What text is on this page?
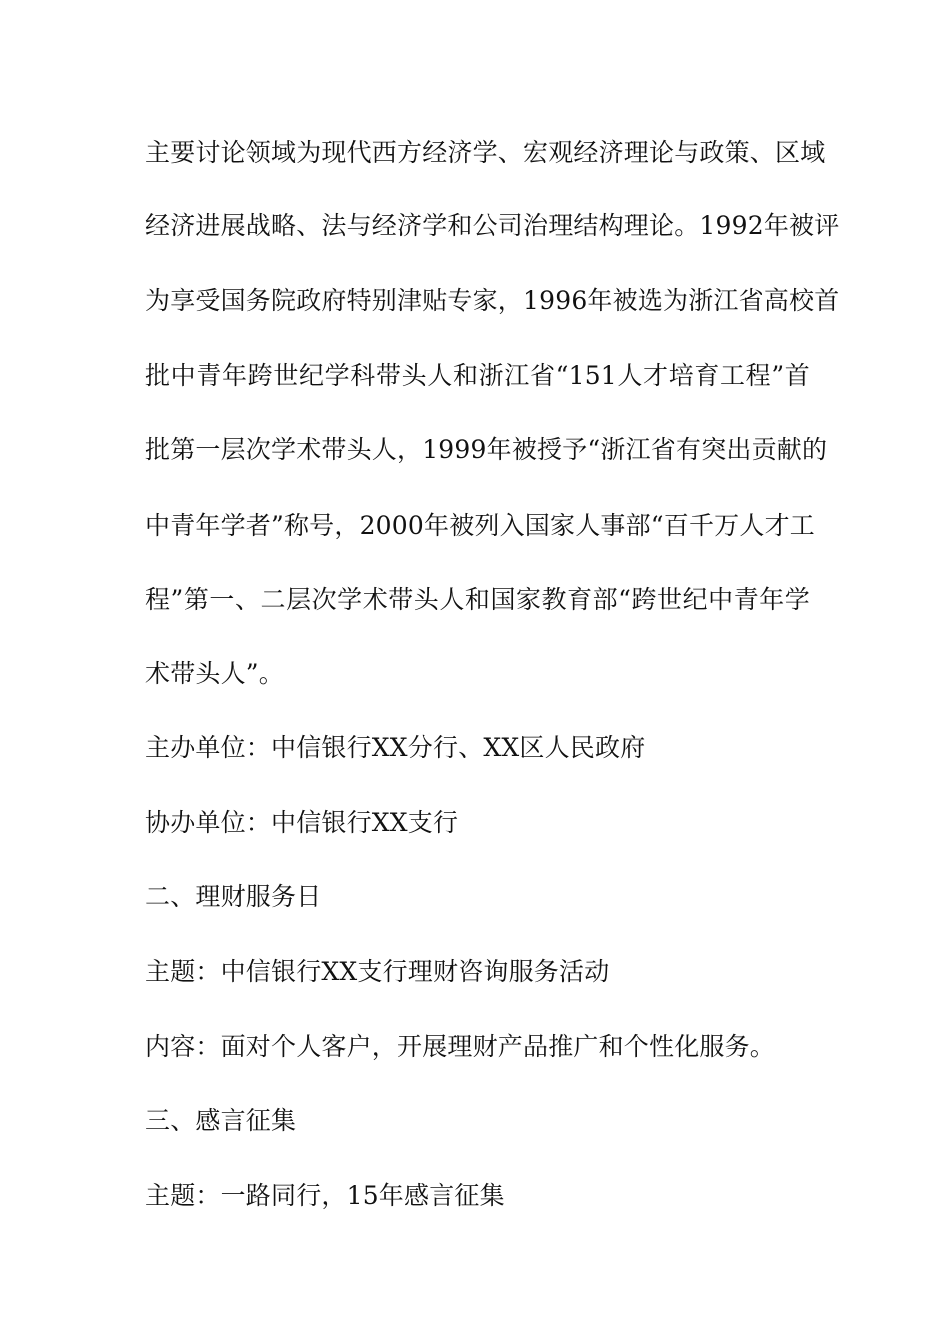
主要讨论领域为现代西方经济学、宏观经济理论与政策、区域
经济进展战略、法与经济学和公司治理结构理论。1992年被评
为享受国务院政府特别津贴专家，1996年被选为浙江省高校首
批中青年跨世纪学科带头人和浙江省“151人才培育工程”首
批第一层次学术带头人，1999年被授予“浙江省有突出贡献的
中青年学者”称号，2000年被列入国家人事部“百千万人才工
程”第一、二层次学术带头人和国家教育部“跨世纪中青年学
术带头人”。
主办单位：中信银行XX分行、XX区人民政府
协办单位：中信银行XX支行
二、理财服务日
主题：中信银行XX支行理财咨询服务活动
内容：面对个人客户，开展理财产品推广和个性化服务。
三、感言征集
主题：一路同行，15年感言征集
